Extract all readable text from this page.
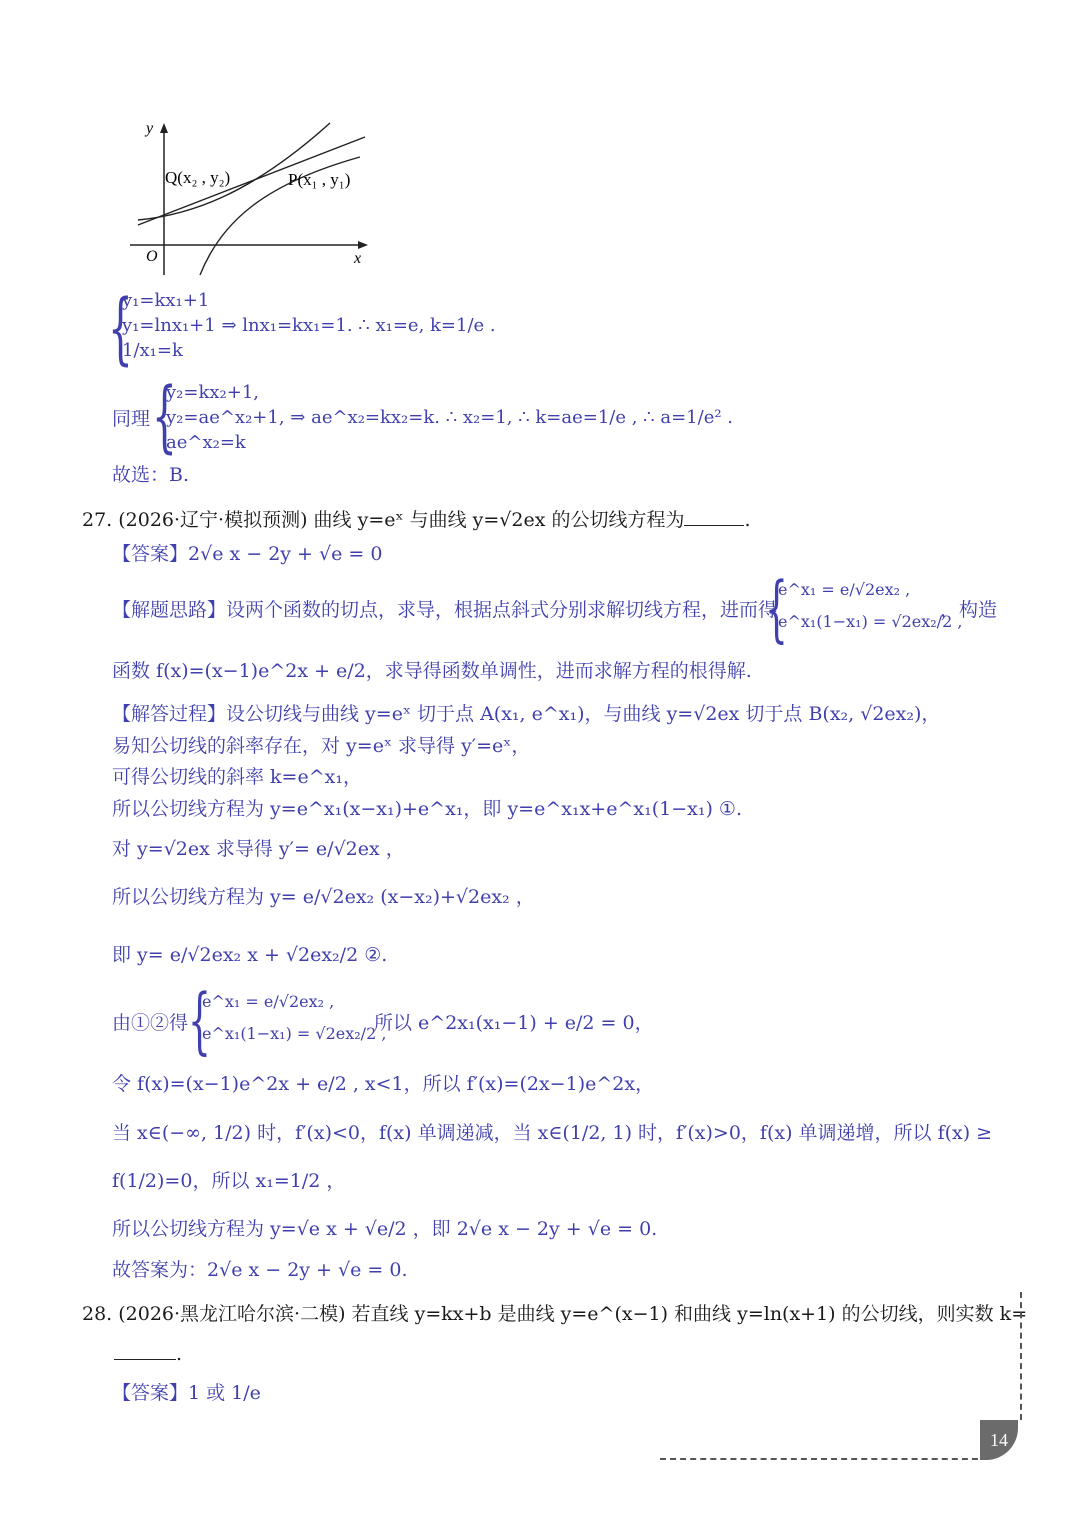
y
x
O
Q(x₂ , y₂)	P(x₁ , y₁)
{
y₁=kx₁+1
y₁=lnx₁+1 ⇒ lnx₁=kx₁=1. ∴ x₁=e, k=1/e .
1/x₁=k
同理 {
y₂=kx₂+1,
y₂=ae^x₂+1, ⇒ ae^x₂=kx₂=k. ∴ x₂=1, ∴ k=ae=1/e , ∴ a=1/e² .
ae^x₂=k
故选：B.
27. (2026·辽宁·模拟预测) 曲线 y=eˣ 与曲线 y=√2ex 的公切线方程为	.
【答案】2√e x − 2y + √e = 0
【解题思路】设两个函数的切点，求导，根据点斜式分别求解切线方程，进而得
{
e^x₁ = e/√2ex₂ ,
e^x₁(1−x₁) = √2ex₂/2 ,
，构造
函数 f(x)=(x−1)e^2x + e/2，求导得函数单调性，进而求解方程的根得解.
【解答过程】设公切线与曲线 y=eˣ 切于点 A(x₁, e^x₁)，与曲线 y=√2ex 切于点 B(x₂, √2ex₂)，
易知公切线的斜率存在，对 y=eˣ 求导得 y′=eˣ，
可得公切线的斜率 k=e^x₁，
所以公切线方程为 y=e^x₁(x−x₁)+e^x₁，即 y=e^x₁x+e^x₁(1−x₁) ①.
对 y=√2ex 求导得 y′= e/√2ex ，
所以公切线方程为 y= e/√2ex₂ (x−x₂)+√2ex₂ ，
即 y= e/√2ex₂ x + √2ex₂/2 ②.
由①②得 {
e^x₁ = e/√2ex₂ ,
e^x₁(1−x₁) = √2ex₂/2 ,
所以 e^2x₁(x₁−1) + e/2 = 0，
令 f(x)=(x−1)e^2x + e/2 , x<1，所以 f′(x)=(2x−1)e^2x，
当 x∈(−∞, 1/2) 时，f′(x)<0，f(x) 单调递减，当 x∈(1/2, 1) 时，f′(x)>0，f(x) 单调递增，所以 f(x) ≥
f(1/2)=0，所以 x₁=1/2 ，
所以公切线方程为 y=√e x + √e/2 ，即 2√e x − 2y + √e = 0.
故答案为：2√e x − 2y + √e = 0.
28. (2026·黑龙江哈尔滨·二模) 若直线 y=kx+b 是曲线 y=e^(x−1) 和曲线 y=ln(x+1) 的公切线，则实数 k=
.
【答案】1 或 1/e
14
